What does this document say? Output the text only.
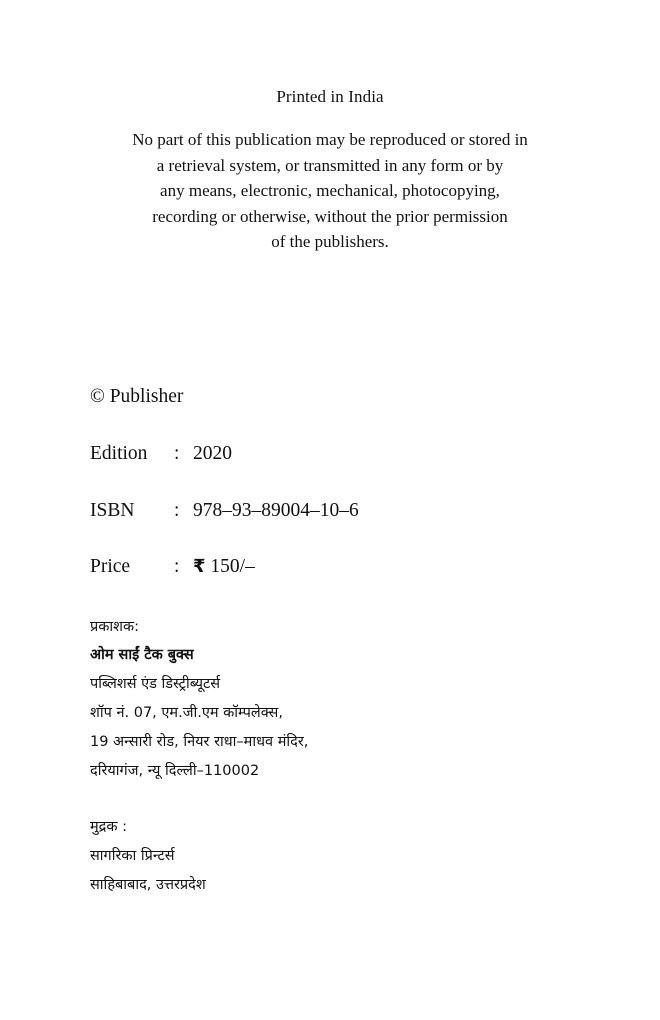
Printed in India
No part of this publication may be reproduced or stored in
a retrieval system, or transmitted in any form or by
any means, electronic, mechanical, photocopying,
recording or otherwise, without the prior permission
of the publishers.
© Publisher
Edition : 2020
ISBN : 978–93–89004–10–6
Price : ₹ 150/–
प्रकाशक:
ओम साईं टैक बुक्स
पब्लिशर्स एंड डिस्ट्रीब्यूटर्स
शॉप नं. 07, एम.जी.एम कॉम्पलेक्स,
19 अन्सारी रोड, नियर राधा–माधव मंदिर,
दरियागंज, न्यू दिल्ली–110002
मुद्रक :
सागरिका प्रिन्टर्स
साहिबाबाद, उत्तरप्रदेश
